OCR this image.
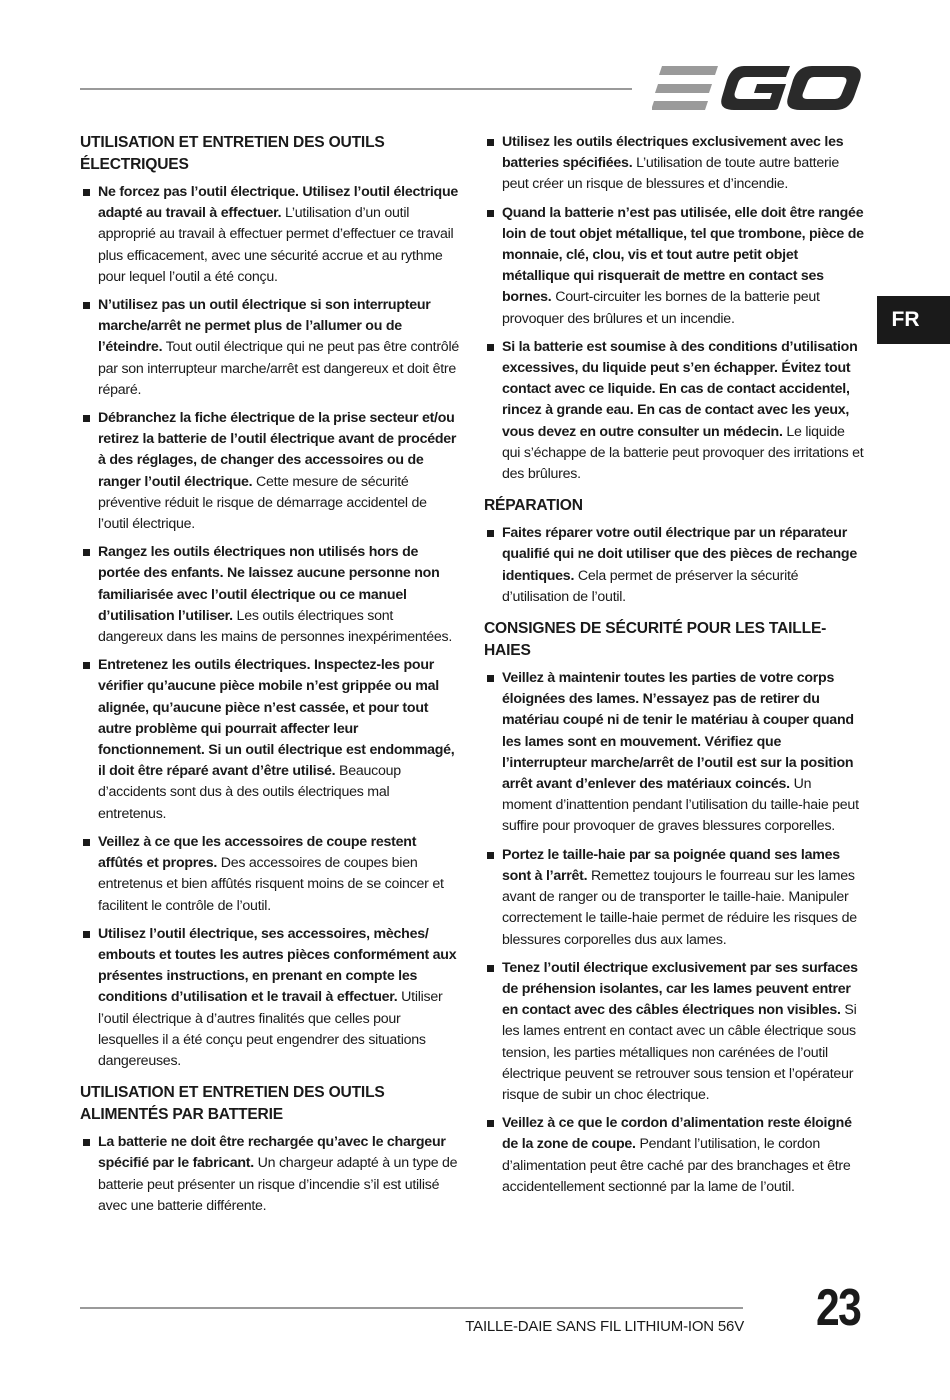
FR
UTILISATION ET ENTRETIEN DES OUTILS ÉLECTRIQUES
Ne forcez pas l’outil électrique. Utilisez l’outil électrique adapté au travail à effectuer. L’utilisation d’un outil approprié au travail à effectuer permet d’effectuer ce travail plus efficacement, avec une sécurité accrue et au rythme pour lequel l’outil a été conçu.
N’utilisez pas un outil électrique si son interrupteur marche/arrêt ne permet plus de l’allumer ou de l’éteindre. Tout outil électrique qui ne peut pas être contrôlé par son interrupteur marche/arrêt est dangereux et doit être réparé.
Débranchez la fiche électrique de la prise secteur et/ou retirez la batterie de l’outil électrique avant de procéder à des réglages, de changer des accessoires ou de ranger l’outil électrique. Cette mesure de sécurité préventive réduit le risque de démarrage accidentel de l’outil électrique.
Rangez les outils électriques non utilisés hors de portée des enfants. Ne laissez aucune personne non familiarisée avec l’outil électrique ou ce manuel d’utilisation l’utiliser. Les outils électriques sont dangereux dans les mains de personnes inexpérimentées.
Entretenez les outils électriques. Inspectez-les pour vérifier qu’aucune pièce mobile n’est grippée ou mal alignée, qu’aucune pièce n’est cassée, et pour tout autre problème qui pourrait affecter leur fonctionnement. Si un outil électrique est endommagé, il doit être réparé avant d’être utilisé. Beaucoup d’accidents sont dus à des outils électriques mal entretenus.
Veillez à ce que les accessoires de coupe restent affûtés et propres. Des accessoires de coupes bien entretenus et bien affûtés risquent moins de se coincer et facilitent le contrôle de l’outil.
Utilisez l’outil électrique, ses accessoires, mèches/ embouts et toutes les autres pièces conformément aux présentes instructions, en prenant en compte les conditions d’utilisation et le travail à effectuer. Utiliser l’outil électrique à d’autres finalités que celles pour lesquelles il a été conçu peut engendrer des situations dangereuses.
UTILISATION ET ENTRETIEN DES OUTILS ALIMENTÉS PAR BATTERIE
La batterie ne doit être rechargée qu’avec le chargeur spécifié par le fabricant. Un chargeur adapté à un type de batterie peut présenter un risque d’incendie s’il est utilisé avec une batterie différente.
Utilisez les outils électriques exclusivement avec les batteries spécifiées. L’utilisation de toute autre batterie peut créer un risque de blessures et d’incendie.
Quand la batterie n’est pas utilisée, elle doit être rangée loin de tout objet métallique, tel que trombone, pièce de monnaie, clé, clou, vis et tout autre petit objet métallique qui risquerait de mettre en contact ses bornes. Court-circuiter les bornes de la batterie peut provoquer des brûlures et un incendie.
Si la batterie est soumise à des conditions d’utilisation excessives, du liquide peut s’en échapper. Évitez tout contact avec ce liquide. En cas de contact accidentel, rincez à grande eau. En cas de contact avec les yeux, vous devez en outre consulter un médecin. Le liquide qui s’échappe de la batterie peut provoquer des irritations et des brûlures.
RÉPARATION
Faites réparer votre outil électrique par un réparateur qualifié qui ne doit utiliser que des pièces de rechange identiques. Cela permet de préserver la sécurité d’utilisation de l’outil.
CONSIGNES DE SÉCURITÉ POUR LES TAILLE-HAIES
Veillez à maintenir toutes les parties de votre corps éloignées des lames. N’essayez pas de retirer du matériau coupé ni de tenir le matériau à couper quand les lames sont en mouvement. Vérifiez que l’interrupteur marche/arrêt de l’outil est sur la position arrêt avant d’enlever des matériaux coincés. Un moment d’inattention pendant l’utilisation du taille-haie peut suffire pour provoquer de graves blessures corporelles.
Portez le taille-haie par sa poignée quand ses lames sont à l’arrêt. Remettez toujours le fourreau sur les lames avant de ranger ou de transporter le taille-haie. Manipuler correctement le taille-haie permet de réduire les risques de blessures corporelles dus aux lames.
Tenez l’outil électrique exclusivement par ses surfaces de préhension isolantes, car les lames peuvent entrer en contact avec des câbles électriques non visibles. Si les lames entrent en contact avec un câble électrique sous tension, les parties métalliques non carénées de l’outil électrique peuvent se retrouver sous tension et l’opérateur risque de subir un choc électrique.
Veillez à ce que le cordon d’alimentation reste éloigné de la zone de coupe. Pendant l’utilisation, le cordon d’alimentation peut être caché par des branchages et être accidentellement sectionné par la lame de l’outil.
TAILLE-DAIE SANS FIL LITHIUM-ION 56V 23
